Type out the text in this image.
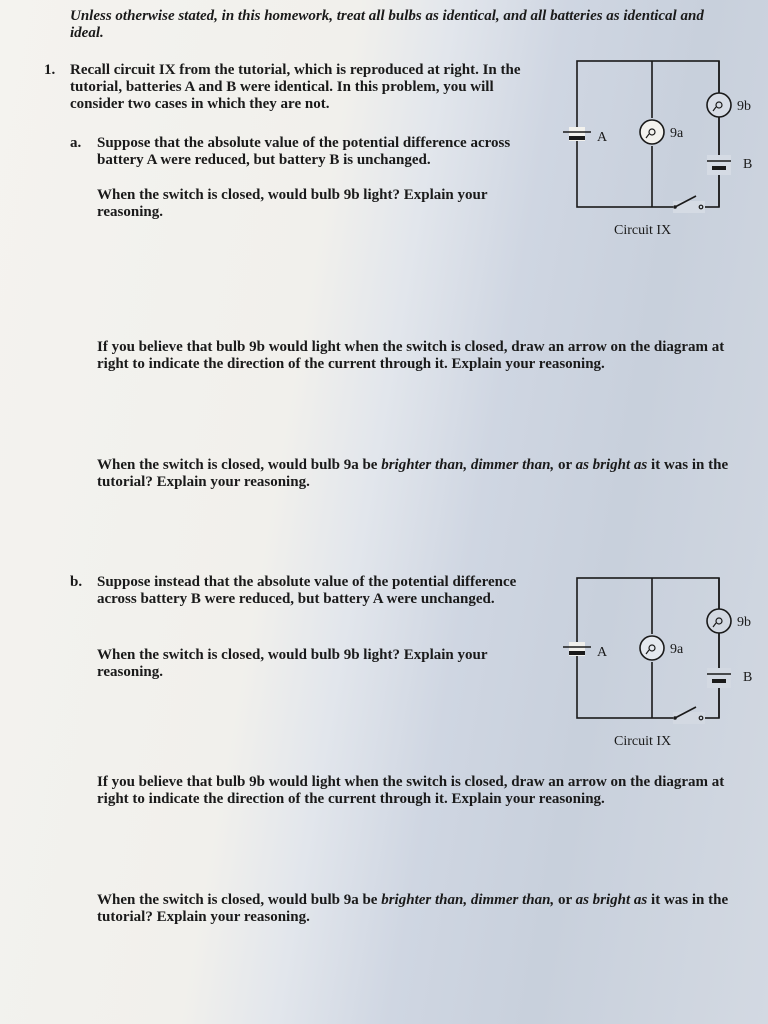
Unless otherwise stated, in this homework, treat all bulbs as identical, and all batteries as identical and ideal.

1. Recall circuit IX from the tutorial, which is reproduced at right. In the tutorial, batteries A and B were identical. In this problem, you will consider two cases in which they are not.

a. Suppose that the absolute value of the potential difference across battery A were reduced, but battery B is unchanged.

When the switch is closed, would bulb 9b light? Explain your reasoning.

If you believe that bulb 9b would light when the switch is closed, draw an arrow on the diagram at right to indicate the direction of the current through it. Explain your reasoning.

When the switch is closed, would bulb 9a be brighter than, dimmer than, or as bright as it was in the tutorial? Explain your reasoning.

b. Suppose instead that the absolute value of the potential difference across battery B were reduced, but battery A were unchanged.

When the switch is closed, would bulb 9b light? Explain your reasoning.

If you believe that bulb 9b would light when the switch is closed, draw an arrow on the diagram at right to indicate the direction of the current through it. Explain your reasoning.

When the switch is closed, would bulb 9a be brighter than, dimmer than, or as bright as it was in the tutorial? Explain your reasoning.

A	9a
9b
B
Circuit IX
A	9a
9b
B
Circuit IX
